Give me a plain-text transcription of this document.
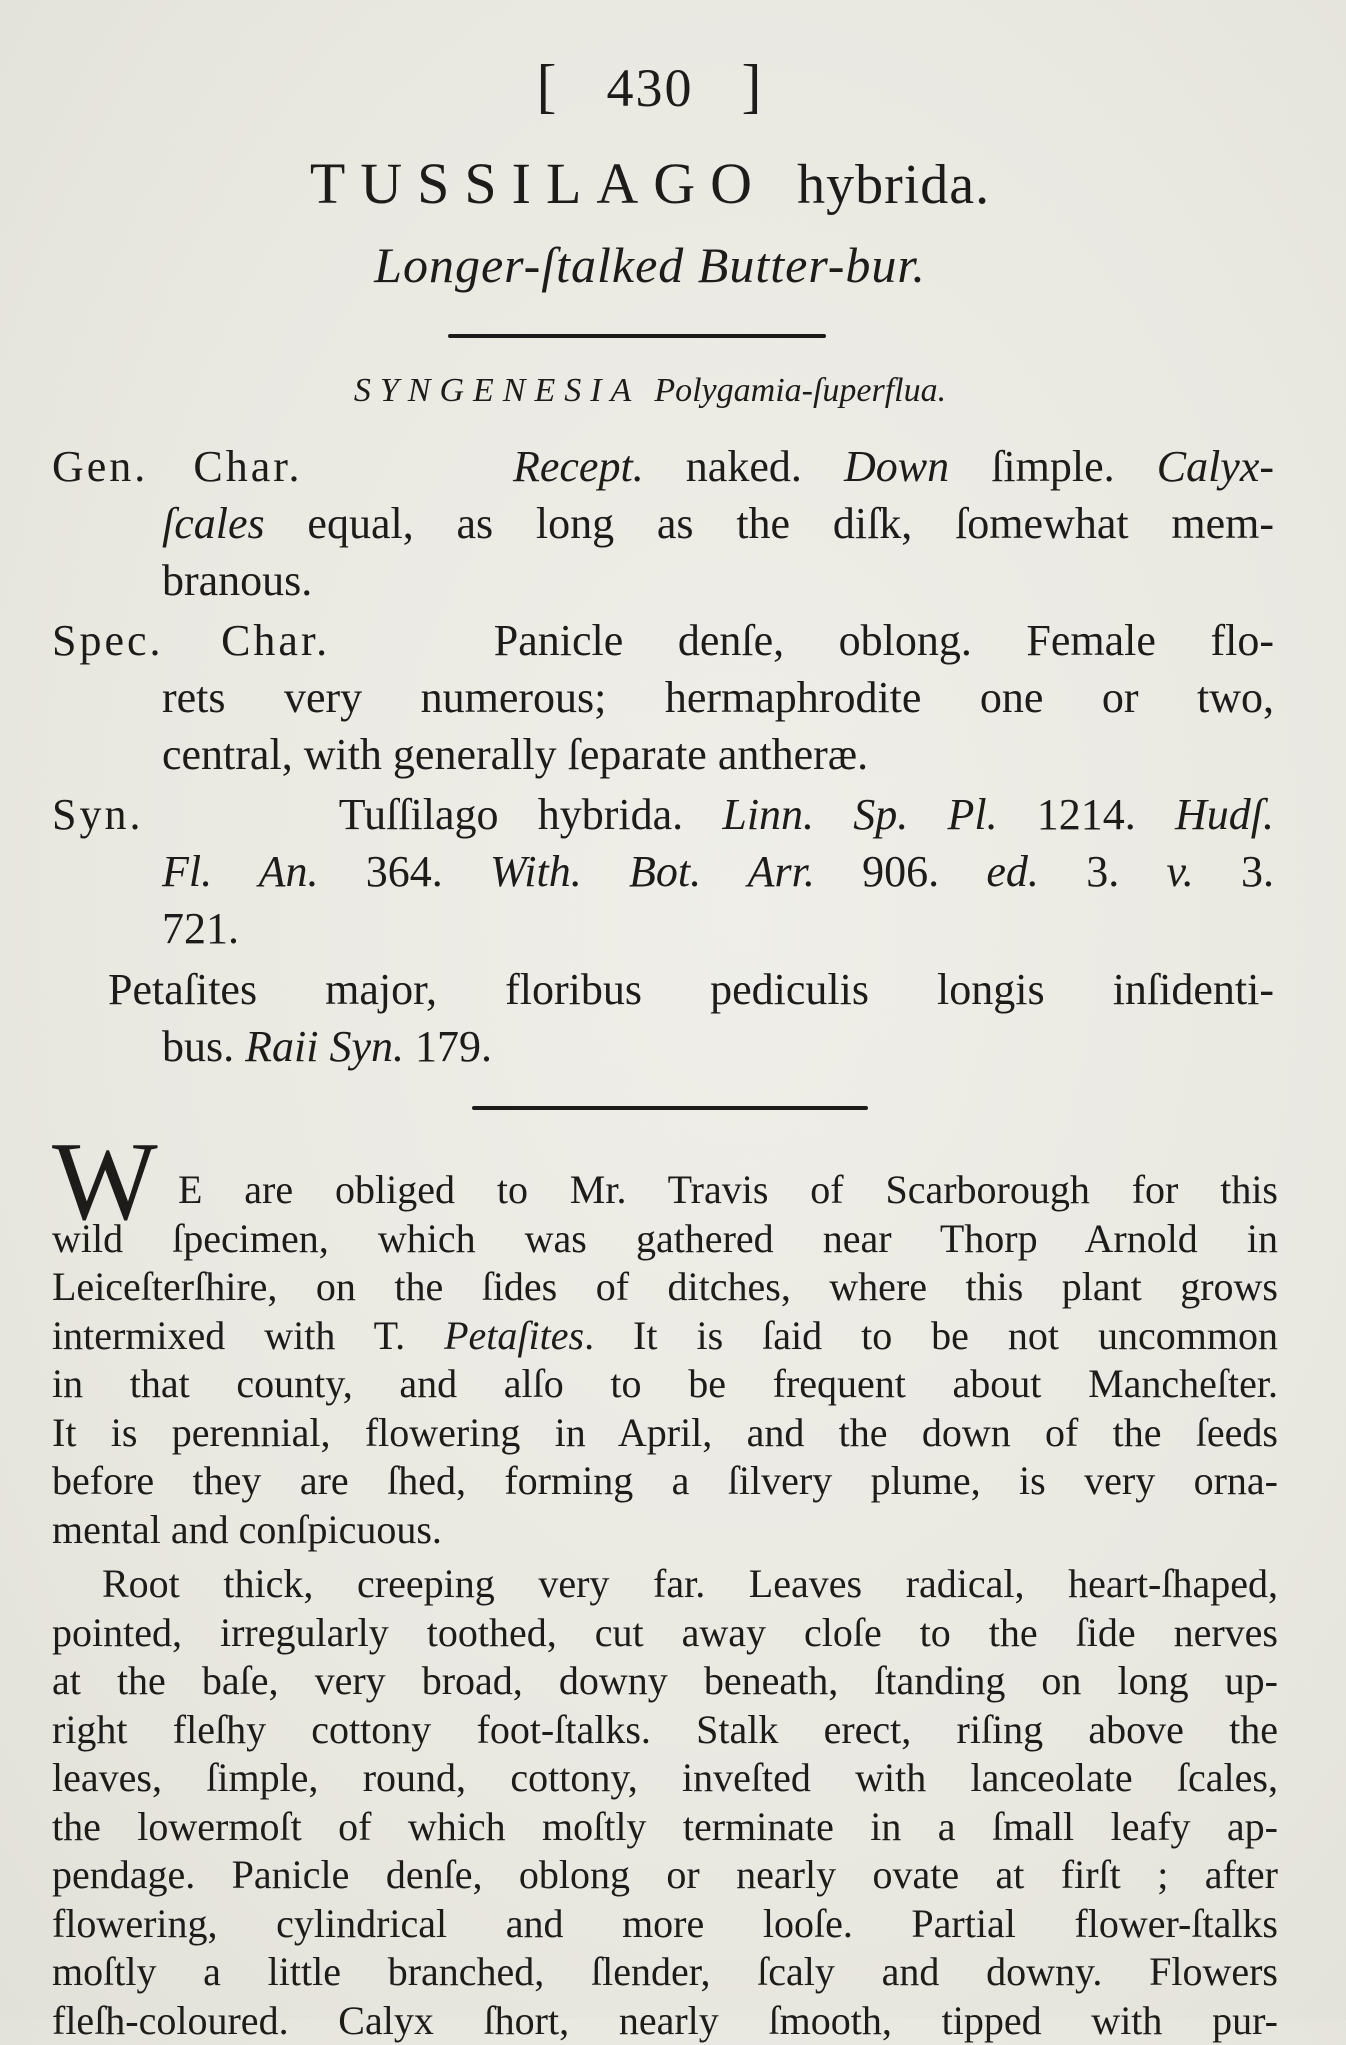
[ 430 ]
TUSSILAGO hybrida.
Longer-ſtalked Butter-bur.
SYNGENESIA Polygamia-ſuperflua.
Gen. Char.	Recept. naked. Down ſimple. Calyx-
ſcales equal, as long as the diſk, ſomewhat mem-
branous.
Spec. Char.	Panicle denſe, oblong. Female flo-
rets very numerous; hermaphrodite one or two,
central, with generally ſeparate antheræ.
Syn.	Tuſſilago hybrida. Linn. Sp. Pl. 1214. Hudſ.
Fl. An. 364. With. Bot. Arr. 906. ed. 3. v. 3.
721.
Petaſites major, floribus pediculis longis inſidenti-
bus. Raii Syn. 179.
W E are obliged to Mr. Travis of Scarborough for this
wild ſpecimen, which was gathered near Thorp Arnold in
Leiceſterſhire, on the ſides of ditches, where this plant grows
intermixed with T. Petaſites. It is ſaid to be not uncommon
in that county, and alſo to be frequent about Mancheſter.
It is perennial, flowering in April, and the down of the ſeeds
before they are ſhed, forming a ſilvery plume, is very orna-
mental and conſpicuous.
Root thick, creeping very far. Leaves radical, heart-ſhaped,
pointed, irregularly toothed, cut away cloſe to the ſide nerves
at the baſe, very broad, downy beneath, ſtanding on long up-
right fleſhy cottony foot-ſtalks. Stalk erect, riſing above the
leaves, ſimple, round, cottony, inveſted with lanceolate ſcales,
the lowermoſt of which moſtly terminate in a ſmall leafy ap-
pendage. Panicle denſe, oblong or nearly ovate at firſt ; after
flowering, cylindrical and more looſe. Partial flower-ſtalks
moſtly a little branched, ſlender, ſcaly and downy. Flowers
fleſh-coloured. Calyx ſhort, nearly ſmooth, tipped with pur-
